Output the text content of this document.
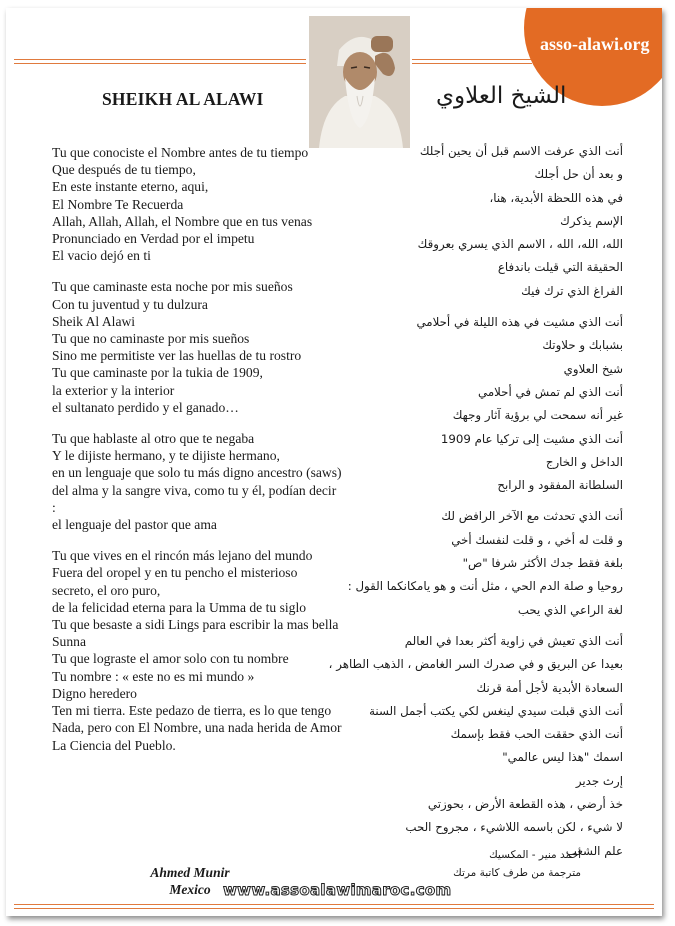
asso-alawi.org
SHEIKH AL ALAWI	الشيخ العلاوي
Tu que conociste el Nombre antes de tu tiempo
Que después de tu tiempo,
En este instante eterno, aqui,
El Nombre Te Recuerda
Allah, Allah, Allah, el Nombre que en tus venas
Pronunciado en Verdad por el impetu
El vacio dejó en ti
Tu que caminaste esta noche por mis sueños
Con tu juventud y tu dulzura
Sheik Al Alawi
Tu que no caminaste por mis sueños
Sino me permitiste ver las huellas de tu rostro
Tu que caminaste por la tukia de 1909,
la exterior y la interior
el sultanato perdido y el ganado…
Tu que hablaste al otro que te negaba
Y le dijiste hermano, y te dijiste hermano,
en un lenguaje que solo tu más digno ancestro (saws)
del alma y la sangre viva, como tu y él, podían decir :
el lenguaje del pastor que ama
Tu que vives en el rincón más lejano del mundo
Fuera del oropel y en tu pencho el misterioso secreto, el oro puro,
de la felicidad eterna para la Umma de tu siglo
Tu que besaste a sidi Lings para escribir la mas bella Sunna
Tu que lograste el amor solo con tu nombre
Tu nombre : « este no es mi mundo »
Digno heredero
Ten mi tierra. Este pedazo de tierra, es lo que tengo
Nada, pero con El Nombre, una nada herida de Amor
La Ciencia del Pueblo.
أنت الذي عرفت الاسم قبل أن يحين أجلك
و بعد أن حل أجلك
في هذه اللحظة الأبدية، هنا،
الإسم يذكرك
الله، الله، الله ، الاسم الذي يسري بعروقك
الحقيقة التي قيلت باندفاع
الفراغ الذي ترك فيك
أنت الذي مشيت في هذه الليلة في أحلامي
بشبابك و حلاوتك
شيخ العلاوي
أنت الذي لم تمش في أحلامي
غير أنه سمحت لي برؤية آثار وجهك
أنت الذي مشيت إلى تركيا عام 1909
الداخل و الخارج
السلطانة المفقود و الرابح
أنت الذي تحدثت مع الآخر الرافض لك
و قلت له أخي ، و قلت لنفسك أخي
بلغة فقط جدك الأكثر شرفا "ص"
روحيا و صلة الدم الحي ، مثل أنت و هو يامكانكما القول :
لغة الراعي الذي يحب
أنت الذي تعيش في زاوية أكثر بعدا في العالم
بعيدا عن البريق و في صدرك السر الغامض ، الذهب الطاهر ،
السعادة الأبدية لأجل أمة قرنك
أنت الذي قبلت سيدي لينغس لكي يكتب أجمل السنة
أنت الذي حققت الحب فقط بإسمك
اسمك "هذا ليس عالمي"
إرث جدير
خذ أرضي ، هذه القطعة الأرض ، بحوزتي
لا شيء ، لكن باسمه اللاشيء ، مجروح الحب
علم الشعب
Ahmed Munir
Mexico
أحمد منير - المكسيك
مترجمة من طرف كاتبة مرتك
www.assoalawimaroc.com
